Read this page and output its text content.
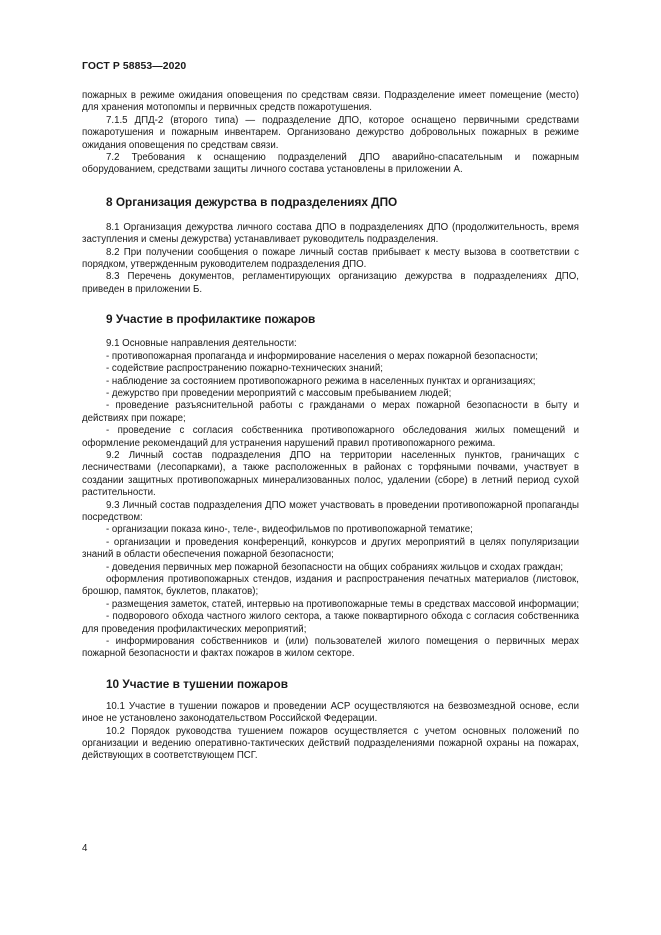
ГОСТ Р 58853—2020

пожарных в режиме ожидания оповещения по средствам связи. Подразделение имеет помещение (место) для хранения мотопомпы и первичных средств пожаротушения.

7.1.5 ДПД-2 (второго типа) — подразделение ДПО, которое оснащено первичными средствами пожаротушения и пожарным инвентарем. Организовано дежурство добровольных пожарных в режиме ожидания оповещения по средствам связи.

7.2 Требования к оснащению подразделений ДПО аварийно-спасательным и пожарным оборудованием, средствами защиты личного состава установлены в приложении А.

8 Организация дежурства в подразделениях ДПО

8.1 Организация дежурства личного состава ДПО в подразделениях ДПО (продолжительность, время заступления и смены дежурства) устанавливает руководитель подразделения.

8.2 При получении сообщения о пожаре личный состав прибывает к месту вызова в соответствии с порядком, утвержденным руководителем подразделения ДПО.

8.3 Перечень документов, регламентирующих организацию дежурства в подразделениях ДПО, приведен в приложении Б.

9 Участие в профилактике пожаров

9.1 Основные направления деятельности:

- противопожарная пропаганда и информирование населения о мерах пожарной безопасности;

- содействие распространению пожарно-технических знаний;

- наблюдение за состоянием противопожарного режима в населенных пунктах и организациях;

- дежурство при проведении мероприятий с массовым пребыванием людей;

- проведение разъяснительной работы с гражданами о мерах пожарной безопасности в быту и действиях при пожаре;

- проведение с согласия собственника противопожарного обследования жилых помещений и оформление рекомендаций для устранения нарушений правил противопожарного режима.

9.2 Личный состав подразделения ДПО на территории населенных пунктов, граничащих с лесничествами (лесопарками), а также расположенных в районах с торфяными почвами, участвует в создании защитных противопожарных минерализованных полос, удалении (сборе) в летний период сухой растительности.

9.3 Личный состав подразделения ДПО может участвовать в проведении противопожарной пропаганды посредством:

- организации показа кино-, теле-, видеофильмов по противопожарной тематике;

- организации и проведения конференций, конкурсов и других мероприятий в целях популяризации знаний в области обеспечения пожарной безопасности;

- доведения первичных мер пожарной безопасности на общих собраниях жильцов и сходах граждан;

оформления противопожарных стендов, издания и распространения печатных материалов (листовок, брошюр, памяток, буклетов, плакатов);

- размещения заметок, статей, интервью на противопожарные темы в средствах массовой информации;

- подворового обхода частного жилого сектора, а также поквартирного обхода с согласия собственника для проведения профилактических мероприятий;

- информирования собственников и (или) пользователей жилого помещения о первичных мерах пожарной безопасности и фактах пожаров в жилом секторе.

10 Участие в тушении пожаров

10.1 Участие в тушении пожаров и проведении АСР осуществляются на безвозмездной основе, если иное не установлено законодательством Российской Федерации.

10.2 Порядок руководства тушением пожаров осуществляется с учетом основных положений по организации и ведению оперативно-тактических действий подразделениями пожарной охраны на пожарах, действующих в соответствующем ПСГ.

4
